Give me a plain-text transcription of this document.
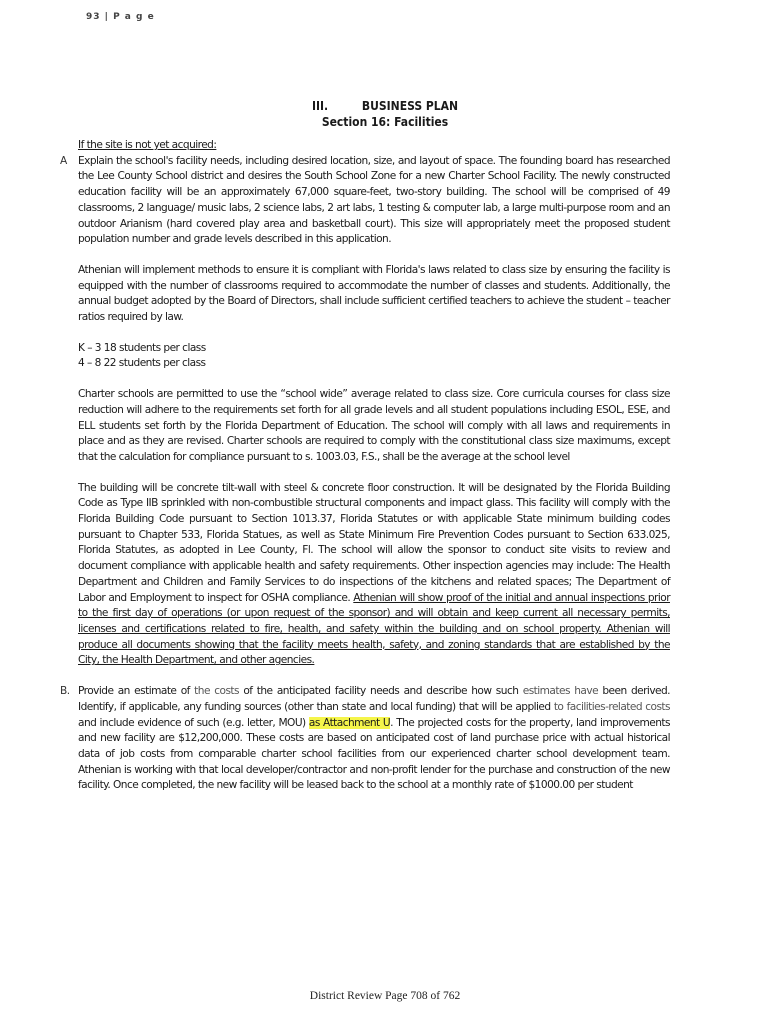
93 | P a g e
III.	BUSINESS PLAN
Section 16: Facilities

If the site is not yet acquired:

A	Explain the school's facility needs, including desired location, size, and layout of space. The founding board has researched the Lee County School district and desires the South School Zone for a new Charter School Facility. The newly constructed education facility will be an approximately 67,000 square-feet, two-story building. The school will be comprised of 49 classrooms, 2 language/ music labs, 2 science labs, 2 art labs, 1 testing & computer lab, a large multi-purpose room and an outdoor Arianism (hard covered play area and basketball court). This size will appropriately meet the proposed student population number and grade levels described in this application.

Athenian will implement methods to ensure it is compliant with Florida's laws related to class size by ensuring the facility is equipped with the number of classrooms required to accommodate the number of classes and students. Additionally, the annual budget adopted by the Board of Directors, shall include sufficient certified teachers to achieve the student – teacher ratios required by law.

K – 3 18 students per class

4 – 8 22 students per class

Charter schools are permitted to use the “school wide” average related to class size. Core curricula courses for class size reduction will adhere to the requirements set forth for all grade levels and all student populations including ESOL, ESE, and ELL students set forth by the Florida Department of Education. The school will comply with all laws and requirements in place and as they are revised. Charter schools are required to comply with the constitutional class size maximums, except that the calculation for compliance pursuant to s. 1003.03, F.S., shall be the average at the school level

The building will be concrete tilt-wall with steel & concrete floor construction. It will be designated by the Florida Building Code as Type IIB sprinkled with non-combustible structural components and impact glass. This facility will comply with the Florida Building Code pursuant to Section 1013.37, Florida Statutes or with applicable State minimum building codes pursuant to Chapter 533, Florida Statues, as well as State Minimum Fire Prevention Codes pursuant to Section 633.025, Florida Statutes, as adopted in Lee County, Fl. The school will allow the sponsor to conduct site visits to review and document compliance with applicable health and safety requirements. Other inspection agencies may include: The Health Department and Children and Family Services to do inspections of the kitchens and related spaces; The Department of Labor and Employment to inspect for OSHA compliance. Athenian will show proof of the initial and annual inspections prior to the first day of operations (or upon request of the sponsor) and will obtain and keep current all necessary permits, licenses and certifications related to fire, health, and safety within the building and on school property. Athenian will produce all documents showing that the facility meets health, safety, and zoning standards that are established by the City, the Health Department, and other agencies.

B. Provide an estimate of the costs of the anticipated facility needs and describe how such estimates have been derived. Identify, if applicable, any funding sources (other than state and local funding) that will be applied to facilities-related costs and include evidence of such (e.g. letter, MOU) as Attachment U. The projected costs for the property, land improvements and new facility are $12,200,000. These costs are based on anticipated cost of land purchase price with actual historical data of job costs from comparable charter school facilities from our experienced charter school development team. Athenian is working with that local developer/contractor and non-profit lender for the purchase and construction of the new facility. Once completed, the new facility will be leased back to the school at a monthly rate of $1000.00 per student

District Review Page 708 of 762
